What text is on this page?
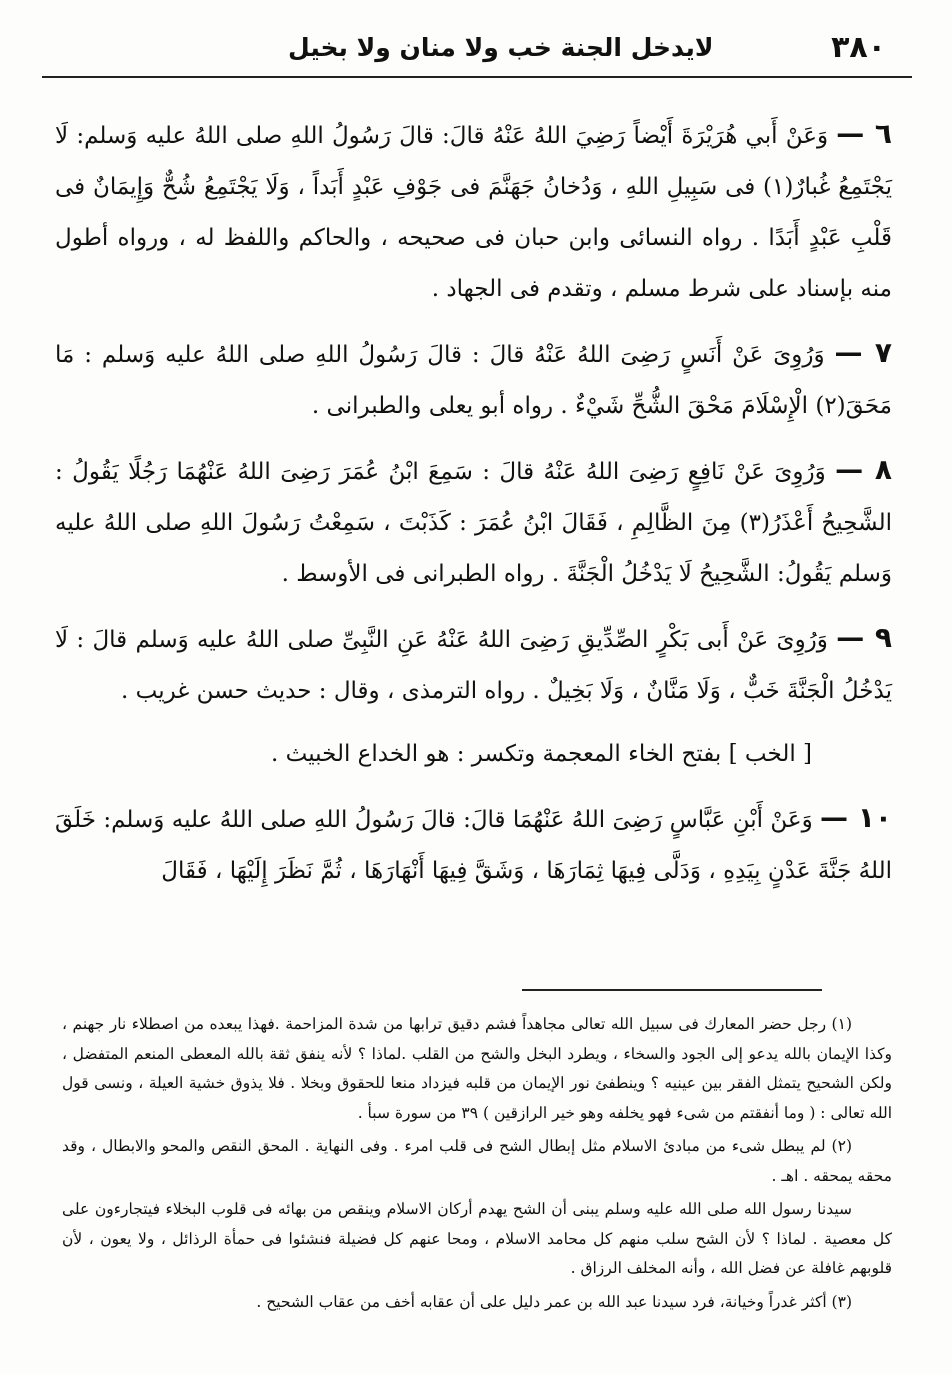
٣٨٠
لايدخل الجنة خب ولا منان ولا بخيل

٦ — وَعَنْ أَبي هُرَيْرَةَ أَيْضاً رَضِيَ اللهُ عَنْهُ قالَ: قالَ رَسُولُ اللهِ صلى اللهُ عليه وَسلم: لَا يَجْتَمِعُ غُبارٌ(١) فى سَبِيلِ اللهِ ، وَدُخانُ جَهَنَّمَ فى جَوْفِ عَبْدٍ أَبَداً ، وَلَا يَجْتَمِعُ شُحٌّ وَإِيمَانٌ فى قَلْبِ عَبْدٍ أَبَدًا . رواه النسائى وابن حبان فى صحيحه ، والحاكم واللفظ له ، ورواه أطول منه بإسناد على شرط مسلم ، وتقدم فى الجهاد .

٧ — وَرُوِىَ عَنْ أَنَسٍ رَضِىَ اللهُ عَنْهُ قالَ : قالَ رَسُولُ اللهِ صلى اللهُ عليه وَسلم : مَا مَحَقَ(٢) الْإِسْلَامَ مَحْقَ الشُّحِّ شَيْءٌ . رواه أبو يعلى والطبرانى .

٨ — وَرُوِىَ عَنْ نَافِعٍ رَضِىَ اللهُ عَنْهُ قالَ : سَمِعَ ابْنُ عُمَرَ رَضِىَ اللهُ عَنْهُمَا رَجُلًا يَقُولُ : الشَّحِيحُ أَعْذَرُ(٣) مِنَ الظَّالِمِ ، فَقَالَ ابْنُ عُمَرَ : كَذَبْتَ ، سَمِعْتُ رَسُولَ اللهِ صلى اللهُ عليه وَسلم يَقُولُ: الشَّحِيحُ لَا يَدْخُلُ الْجَنَّةَ . رواه الطبرانى فى الأوسط .

٩ — وَرُوِىَ عَنْ أَبى بَكْرٍ الصِّدِّيقِ رَضِىَ اللهُ عَنْهُ عَنِ النَّبِىِّ صلى اللهُ عليه وَسلم قالَ : لَا يَدْخُلُ الْجَنَّةَ خَبٌّ ، وَلَا مَنَّانٌ ، وَلَا بَخِيلٌ . رواه الترمذى ، وقال : حديث حسن غريب .

[ الخب ] بفتح الخاء المعجمة وتكسر : هو الخداع الخبيث .

١٠ — وَعَنْ أَبْنِ عَبَّاسٍ رَضِىَ اللهُ عَنْهُمَا قالَ: قالَ رَسُولُ اللهِ صلى اللهُ عليه وَسلم: خَلَقَ اللهُ جَنَّةَ عَدْنٍ بِيَدِهِ ، وَدَلَّى فِيهَا ثِمَارَهَا ، وَشَقَّ فِيهَا أَنْهَارَهَا ، ثُمَّ نَظَرَ إِلَيْهَا ، فَقَالَ

(١) رجل حضر المعارك فى سبيل الله تعالى مجاهداً فشم دقيق ترابها من شدة المزاحمة .فهذا يبعده من اصطلاء نار جهنم ، وكذا الإيمان بالله يدعو إلى الجود والسخاء ، ويطرد البخل والشح من القلب .لماذا ؟ لأنه ينفق ثقة بالله المعطى المنعم المتفضل ، ولكن الشحيح يتمثل الفقر بين عينيه ؟ وينطفئ نور الإيمان من قلبه فيزداد منعا للحقوق وبخلا . فلا يذوق خشية العيلة ، ونسى قول الله تعالى : ( وما أنفقتم من شىء فهو يخلفه وهو خير الرازقين ) ٣٩ من سورة سبأ .

(٢) لم يبطل شىء من مبادئ الاسلام مثل إبطال الشح فى قلب امرء . وفى النهاية . المحق النقص والمحو والابطال ، وقد محقه يمحقه . اهـ .

سيدنا رسول الله صلى الله عليه وسلم يبنى أن الشح يهدم أركان الاسلام وينقص من بهائه فى قلوب البخلاء فيتجارءون على كل معصية . لماذا ؟ لأن الشح سلب منهم كل محامد الاسلام ، ومحا عنهم كل فضيلة فنشئوا فى حمأة الرذائل ، ولا يعون ، لأن قلوبهم غافلة عن فضل الله ، وأنه المخلف الرزاق .

(٣) أكثر غدراً وخيانة، فرد سيدنا عبد الله بن عمر دليل على أن عقابه أخف من عقاب الشحيح .
